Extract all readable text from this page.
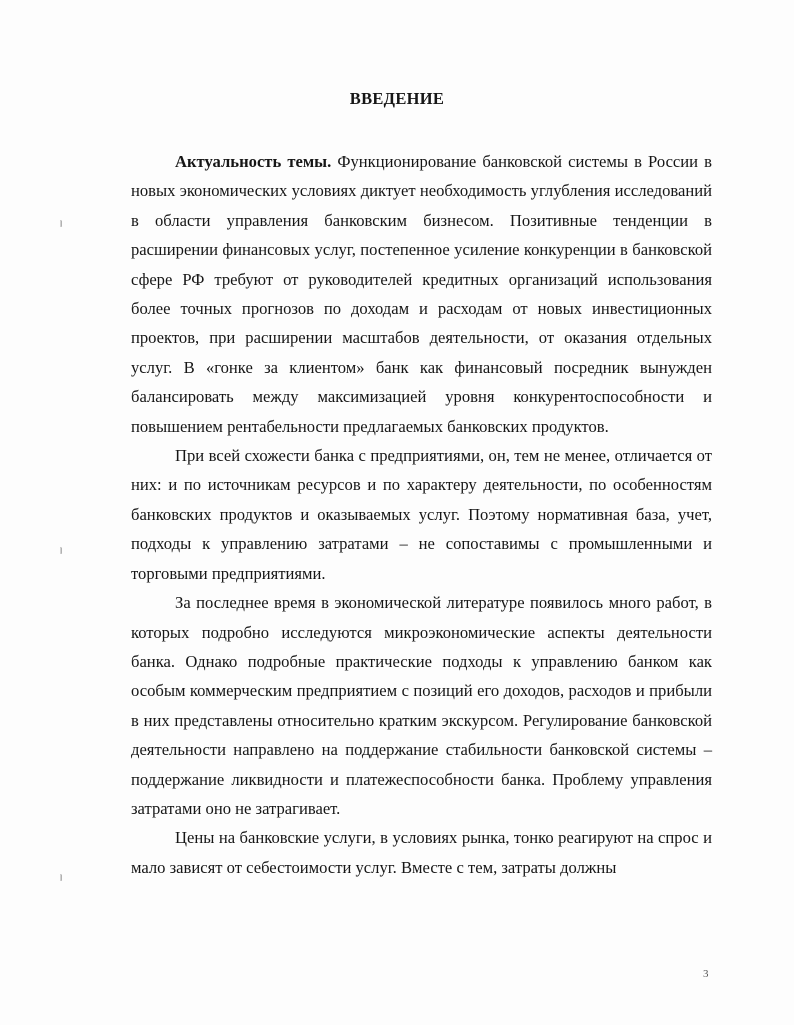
ВВЕДЕНИЕ

Актуальность темы. Функционирование банковской системы в России в новых экономических условиях диктует необходимость углубления исследований в области управления банковским бизнесом. Позитивные тенденции в расширении финансовых услуг, постепенное усиление конкуренции в банковской сфере РФ требуют от руководителей кредитных организаций использования более точных прогнозов по доходам и расходам от новых инвестиционных проектов, при расширении масштабов деятельности, от оказания отдельных услуг. В «гонке за клиентом» банк как финансовый посредник вынужден балансировать между максимизацией уровня конкурентоспособности и повышением рентабельности предлагаемых банковских продуктов.

При всей схожести банка с предприятиями, он, тем не менее, отличается от них: и по источникам ресурсов и по характеру деятельности, по особенностям банковских продуктов и оказываемых услуг. Поэтому нормативная база, учет, подходы к управлению затратами – не сопоставимы с промышленными и торговыми предприятиями.

За последнее время в экономической литературе появилось много работ, в которых подробно исследуются микроэкономические аспекты деятельности банка. Однако подробные практические подходы к управлению банком как особым коммерческим предприятием с позиций его доходов, расходов и прибыли в них представлены относительно кратким экскурсом. Регулирование банковской деятельности направлено на поддержание стабильности банковской системы – поддержание ликвидности и платежеспособности банка. Проблему управления затратами оно не затрагивает.

Цены на банковские услуги, в условиях рынка, тонко реагируют на спрос и мало зависят от себестоимости услуг. Вместе с тем, затраты должны

ˡ
ˡ
ˡ
3
